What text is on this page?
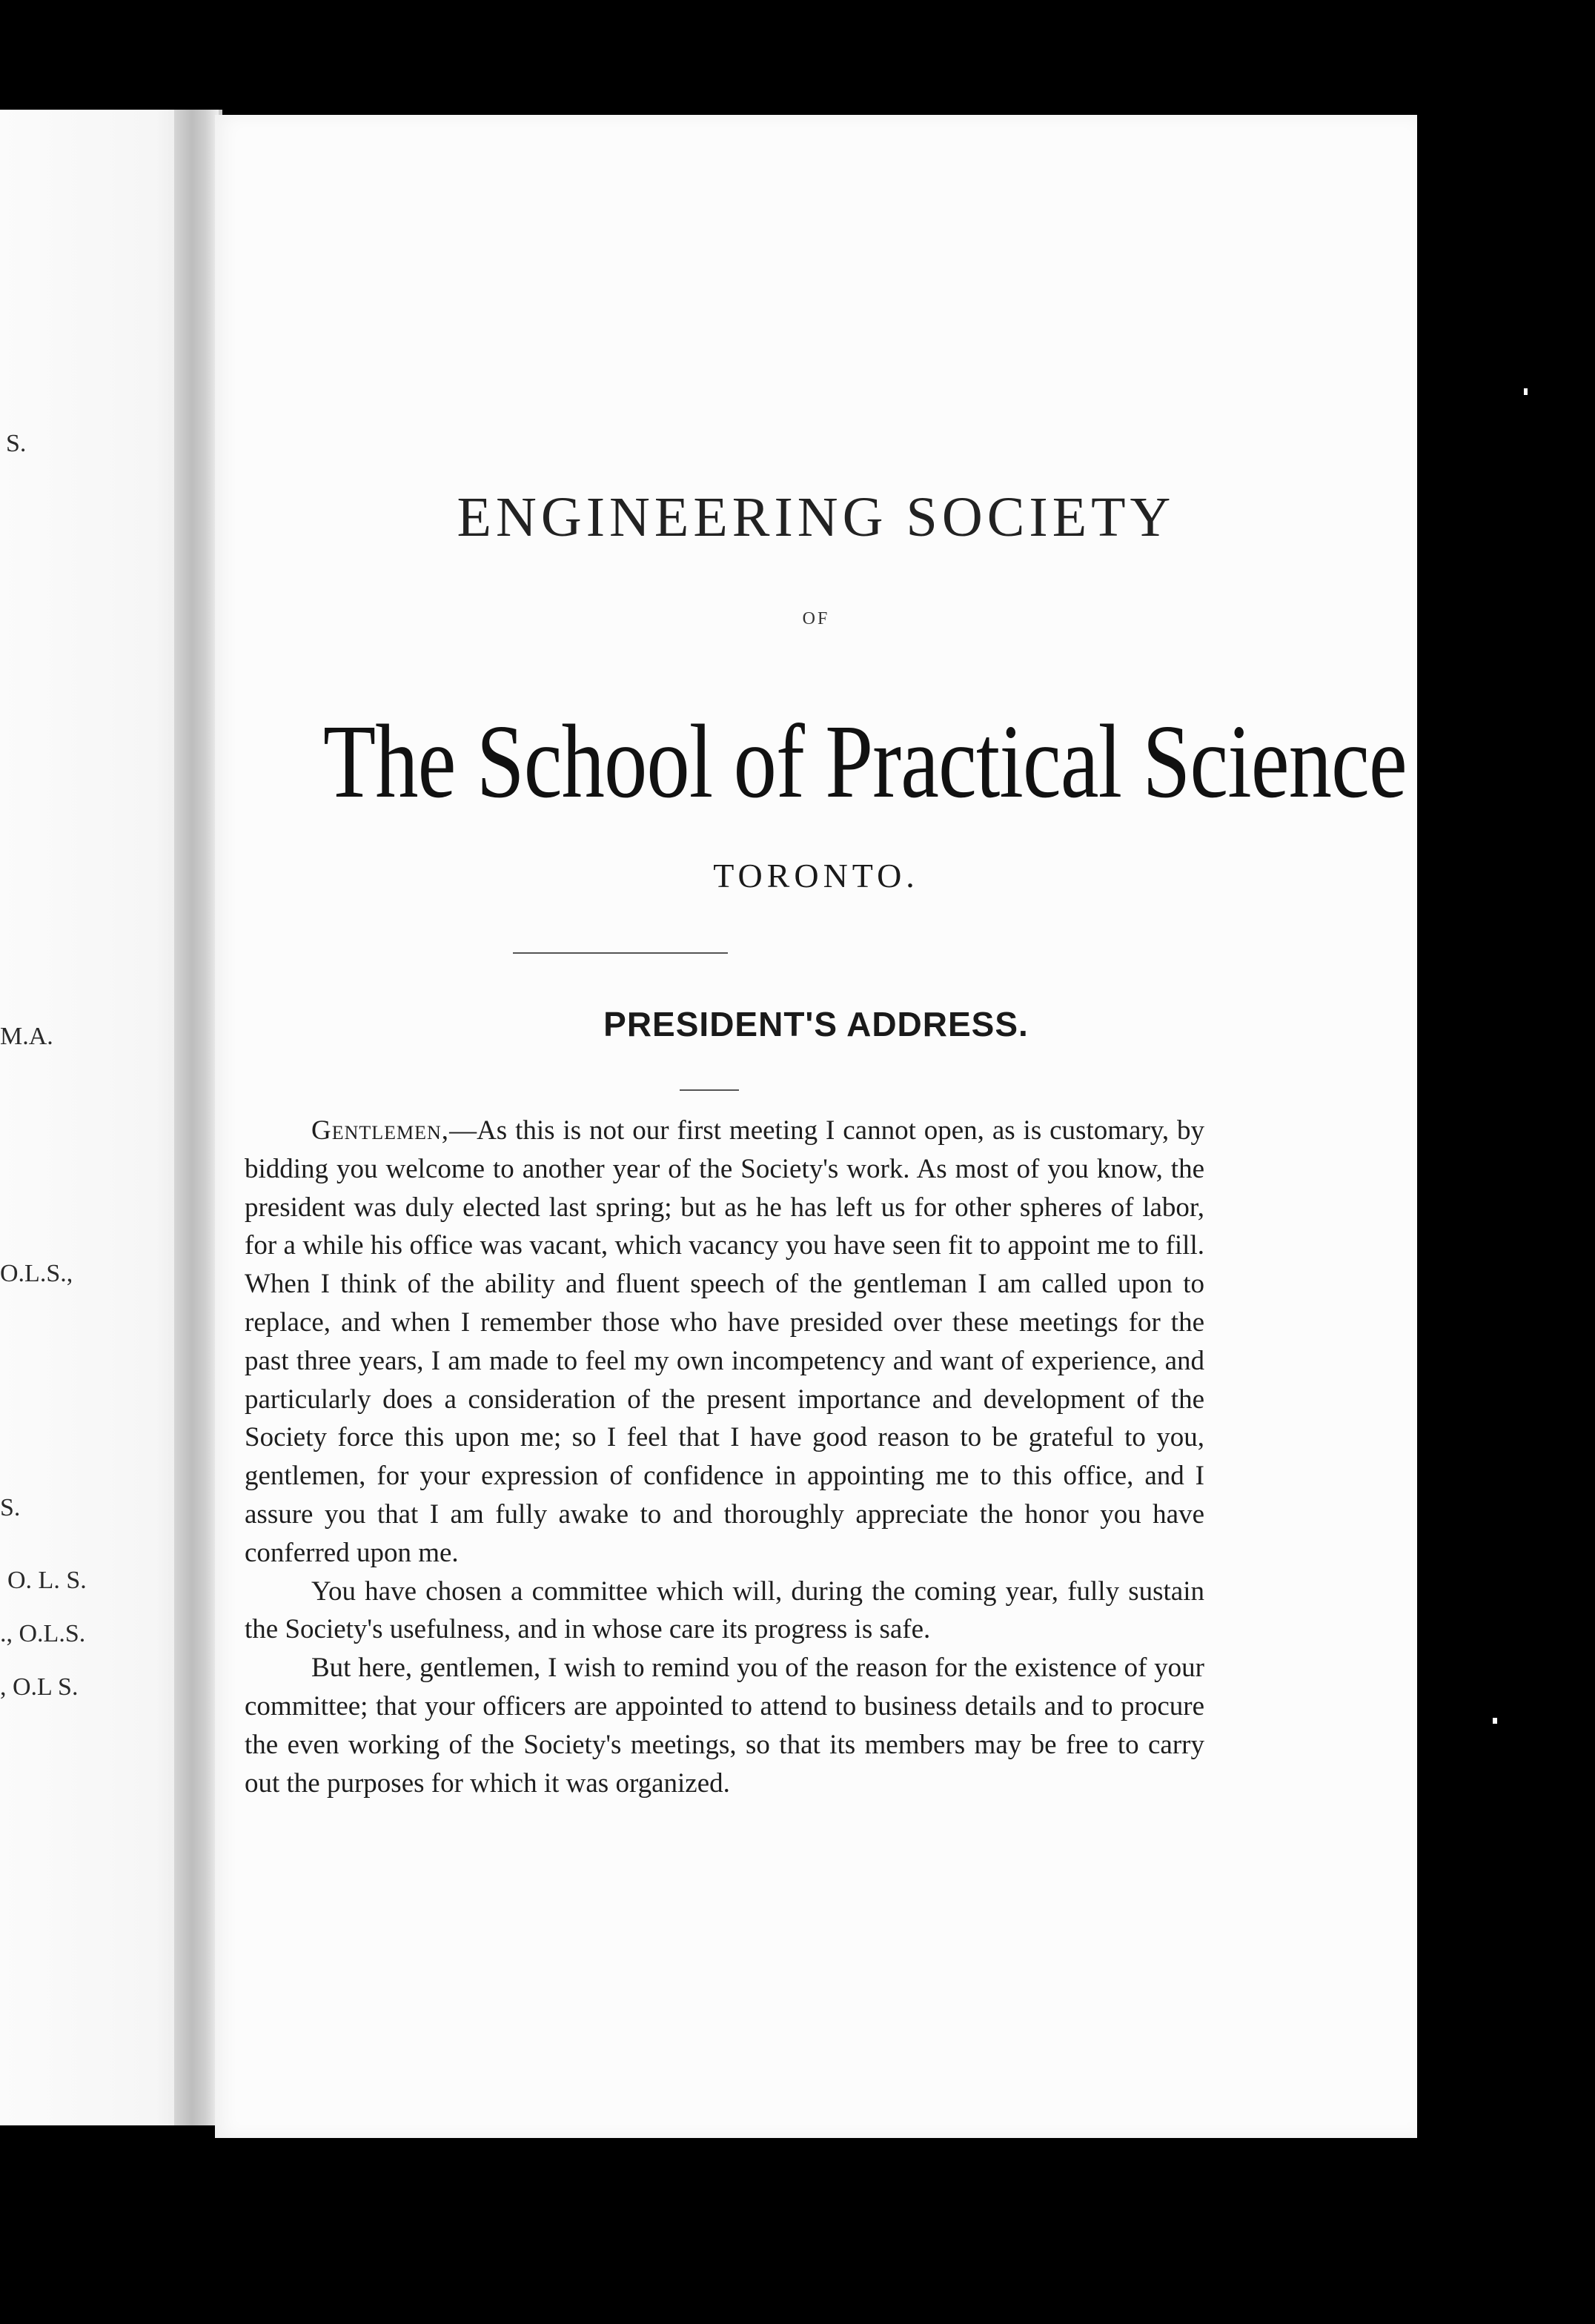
S.
M.A.
O.L.S.,
S.
O. L. S.
., O.L.S.
, O.L S.
ENGINEERING SOCIETY
OF
The School of Practical Science
TORONTO.
PRESIDENT'S ADDRESS.

Gentlemen,—As this is not our first meeting I cannot open, as is customary, by bidding you welcome to another year of the Society's work. As most of you know, the president was duly elected last spring; but as he has left us for other spheres of labor, for a while his office was vacant, which vacancy you have seen fit to appoint me to fill. When I think of the ability and fluent speech of the gentleman I am called upon to replace, and when I remember those who have presided over these meetings for the past three years, I am made to feel my own incompetency and want of experience, and particularly does a consideration of the present importance and development of the Society force this upon me; so I feel that I have good reason to be grateful to you, gentlemen, for your expression of confidence in appointing me to this office, and I assure you that I am fully awake to and thoroughly appreciate the honor you have conferred upon me.

You have chosen a committee which will, during the coming year, fully sustain the Society's usefulness, and in whose care its progress is safe.

But here, gentlemen, I wish to remind you of the reason for the existence of your committee; that your officers are appointed to attend to business details and to procure the even working of the Society's meetings, so that its members may be free to carry out the purposes for which it was organized.
